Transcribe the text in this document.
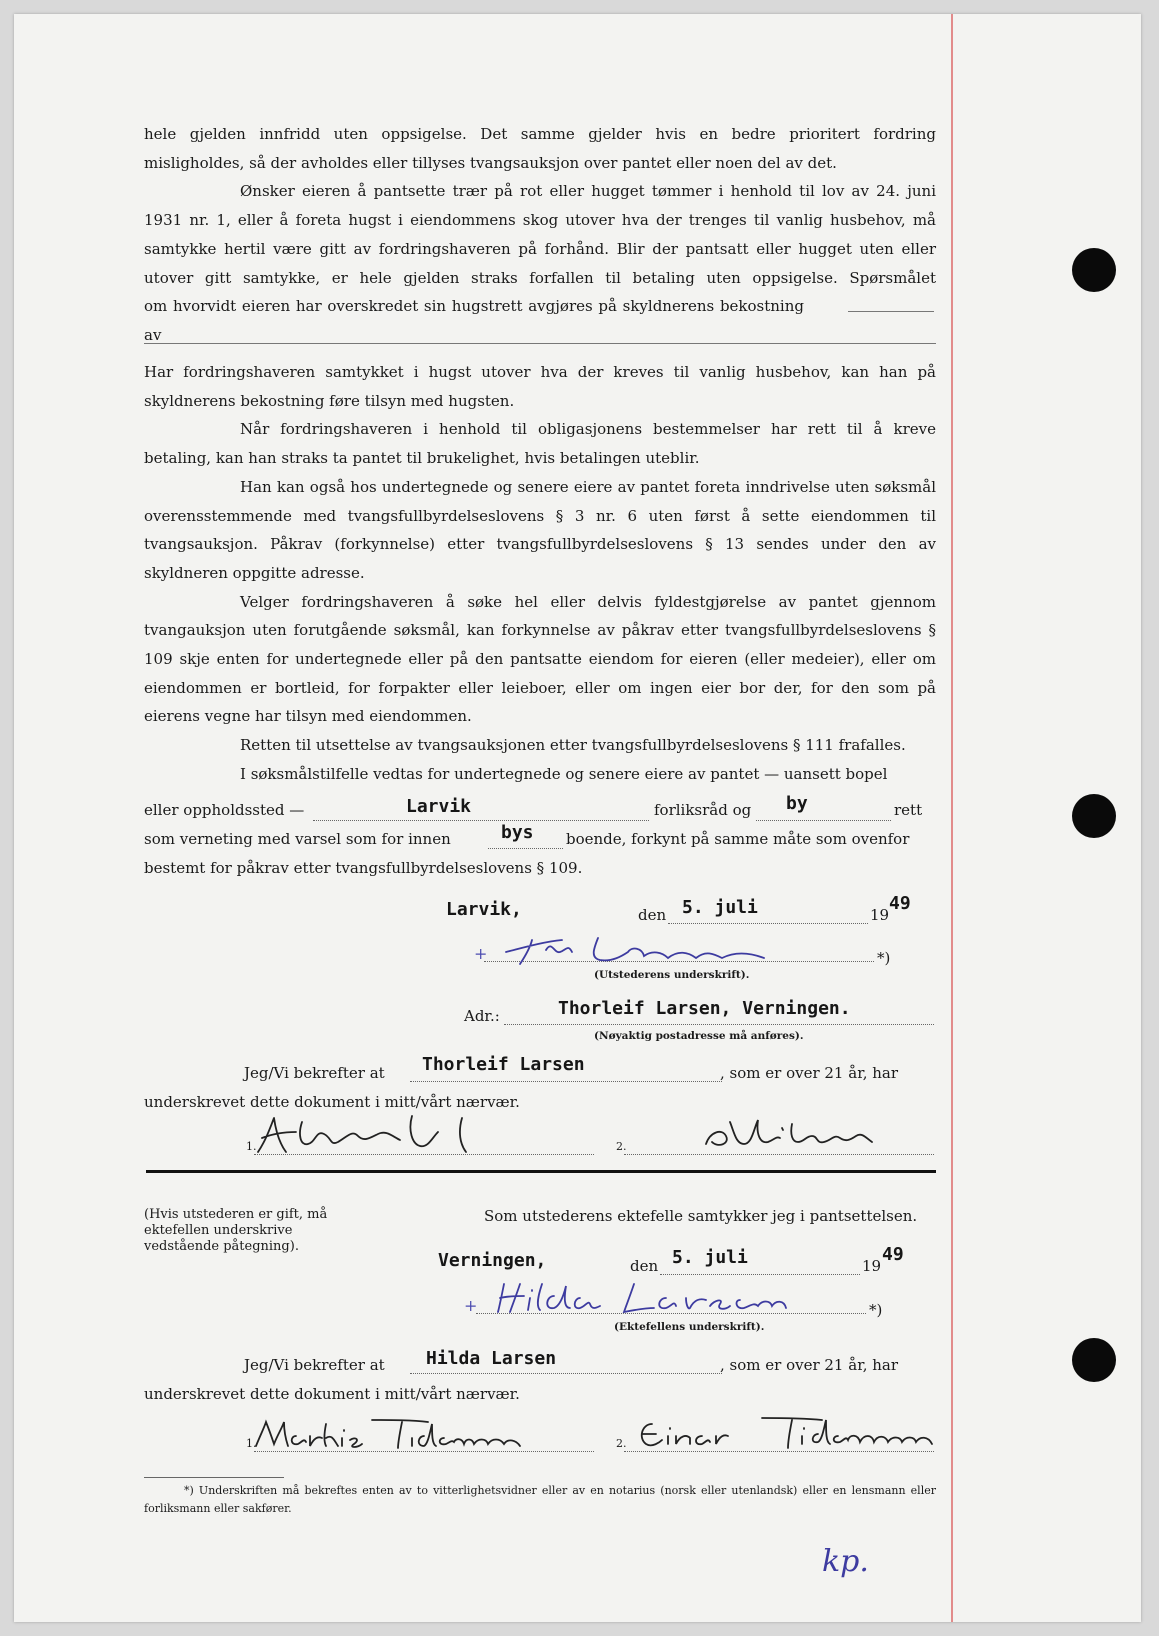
hele gjelden innfridd uten oppsigelse. Det samme gjelder hvis en bedre prioritert fordring misligholdes, så der avholdes eller tillyses tvangsauksjon over pantet eller noen del av det.

Ønsker eieren å pantsette trær på rot eller hugget tømmer i henhold til lov av 24. juni 1931 nr. 1, eller å foreta hugst i eiendommens skog utover hva der trenges til vanlig husbehov, må samtykke hertil være gitt av fordringshaveren på forhånd. Blir der pantsatt eller hugget uten eller utover gitt samtykke, er hele gjelden straks forfallen til betaling uten oppsigelse. Spørsmålet

om hvorvidt eieren har overskredet sin hugstrett avgjøres på skyldnerens bekostning av

Har fordringshaveren samtykket i hugst utover hva der kreves til vanlig husbehov, kan han på skyldnerens bekostning føre tilsyn med hugsten.

Når fordringshaveren i henhold til obligasjonens bestemmelser har rett til å kreve betaling, kan han straks ta pantet til brukelighet, hvis betalingen uteblir.

Han kan også hos undertegnede og senere eiere av pantet foreta inndrivelse uten søksmål overensstemmende med tvangsfullbyrdelseslovens § 3 nr. 6 uten først å sette eiendommen til tvangsauksjon. Påkrav (forkynnelse) etter tvangsfullbyrdelseslovens § 13 sendes under den av skyldneren oppgitte adresse.

Velger fordringshaveren å søke hel eller delvis fyldestgjørelse av pantet gjennom tvangauksjon uten forutgående søksmål, kan forkynnelse av påkrav etter tvangsfullbyrdelseslovens § 109 skje enten for undertegnede eller på den pantsatte eiendom for eieren (eller medeier), eller om eiendommen er bortleid, for forpakter eller leieboer, eller om ingen eier bor der, for den som på eierens vegne har tilsyn med eiendommen.

Retten til utsettelse av tvangsauksjonen etter tvangsfullbyrdelseslovens § 111 frafalles.

I søksmålstilfelle vedtas for undertegnede og senere eiere av pantet — uansett bopel

eller oppholdssted —	Larvik	forliksråd og by	rett
som verneting med varsel som for innen	bys boende, forkynt på samme måte som ovenfor
bestemt for påkrav etter tvangsfullbyrdelseslovens § 109.
Larvik,	den 5. juli	19
49
+	*)
(Utstederens underskrift).
Adr.:	Thorleif Larsen, Verningen.
(Nøyaktig postadresse må anføres).
Jeg/Vi bekrefter at Thorleif Larsen	, som er over 21 år, har
underskrevet dette dokument i mitt/vårt nærvær.
1.	2.
(Hvis utstederen er gift, må ektefellen underskrive vedstående påtegning).
Som utstederens ektefelle samtykker jeg i pantsettelsen.
Verningen,	den 5. juli	19
49
+	*)
(Ektefellens underskrift).
Jeg/Vi bekrefter at Hilda Larsen	, som er over 21 år, har
underskrevet dette dokument i mitt/vårt nærvær.
1.	2.
*) Underskriften må bekreftes enten av to vitterlighetsvidner eller av en notarius (norsk eller utenlandsk) eller en lensmann eller forliksmann eller sakfører.
kp.
